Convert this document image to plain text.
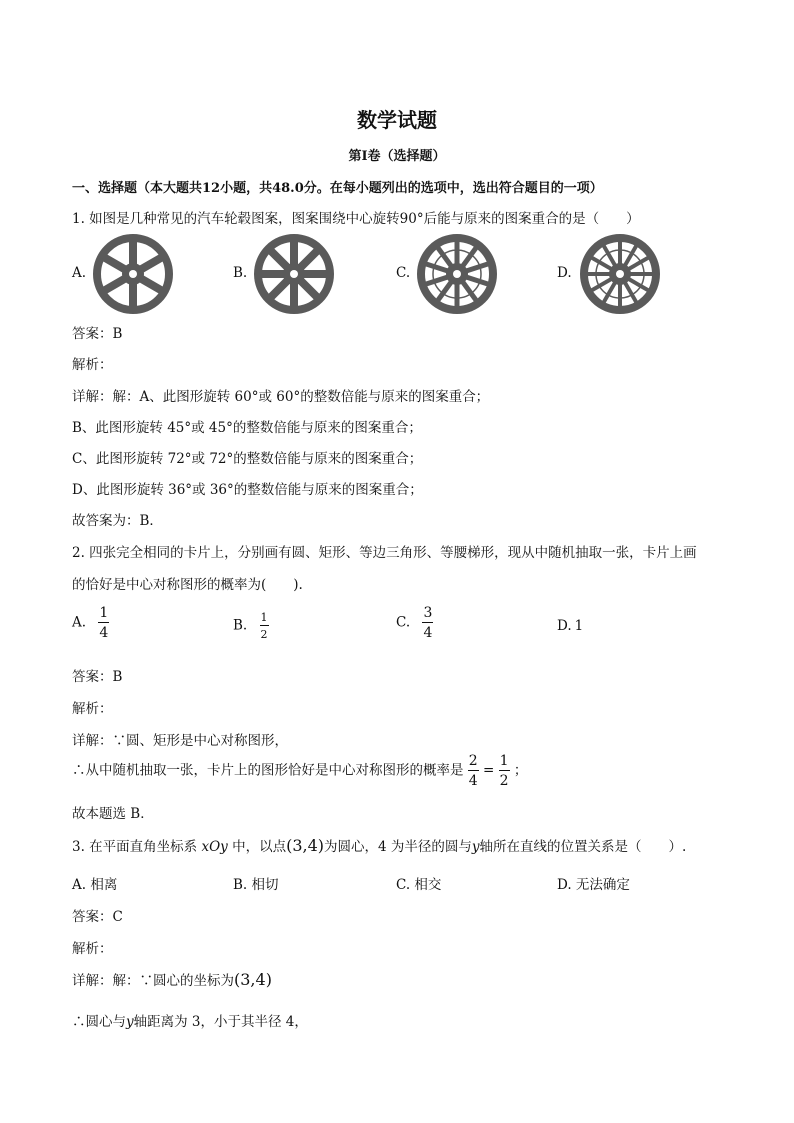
数学试题
第Ⅰ卷（选择题）
一、选择题（本大题共12小题，共48.0分。在每小题列出的选项中，选出符合题目的一项）
1. 如图是几种常见的汽车轮毂图案，图案围绕中心旋转90°后能与原来的图案重合的是（　　）
A.	B.	C.	D.
答案：B
解析：
详解：解：A、此图形旋转 60°或 60°的整数倍能与原来的图案重合；
B、此图形旋转 45°或 45°的整数倍能与原来的图案重合；
C、此图形旋转 72°或 72°的整数倍能与原来的图案重合；
D、此图形旋转 36°或 36°的整数倍能与原来的图案重合；
故答案为：B．
2. 四张完全相同的卡片上，分别画有圆、矩形、等边三角形、等腰梯形，现从中随机抽取一张，卡片上画
的恰好是中心对称图形的概率为(　　).
A. $\frac{1}{4}$	B. $\frac{1}{2}$	C. $\frac{3}{4}$	D. 1
答案：B
解析：
详解：∵圆、矩形是中心对称图形，
∴从中随机抽取一张，卡片上的图形恰好是中心对称图形的概率是 $\frac{2}{4} = \frac{1}{2}$ ；
故本题选 B．
3. 在平面直角坐标系 xOy 中，以点(3,4)为圆心，4 为半径的圆与y轴所在直线的位置关系是（　　）.
A. 相离	B. 相切	C. 相交	D. 无法确定
答案：C
解析：
详解：解：∵圆心的坐标为(3,4)
∴圆心与y轴距离为 3，小于其半径 4，
